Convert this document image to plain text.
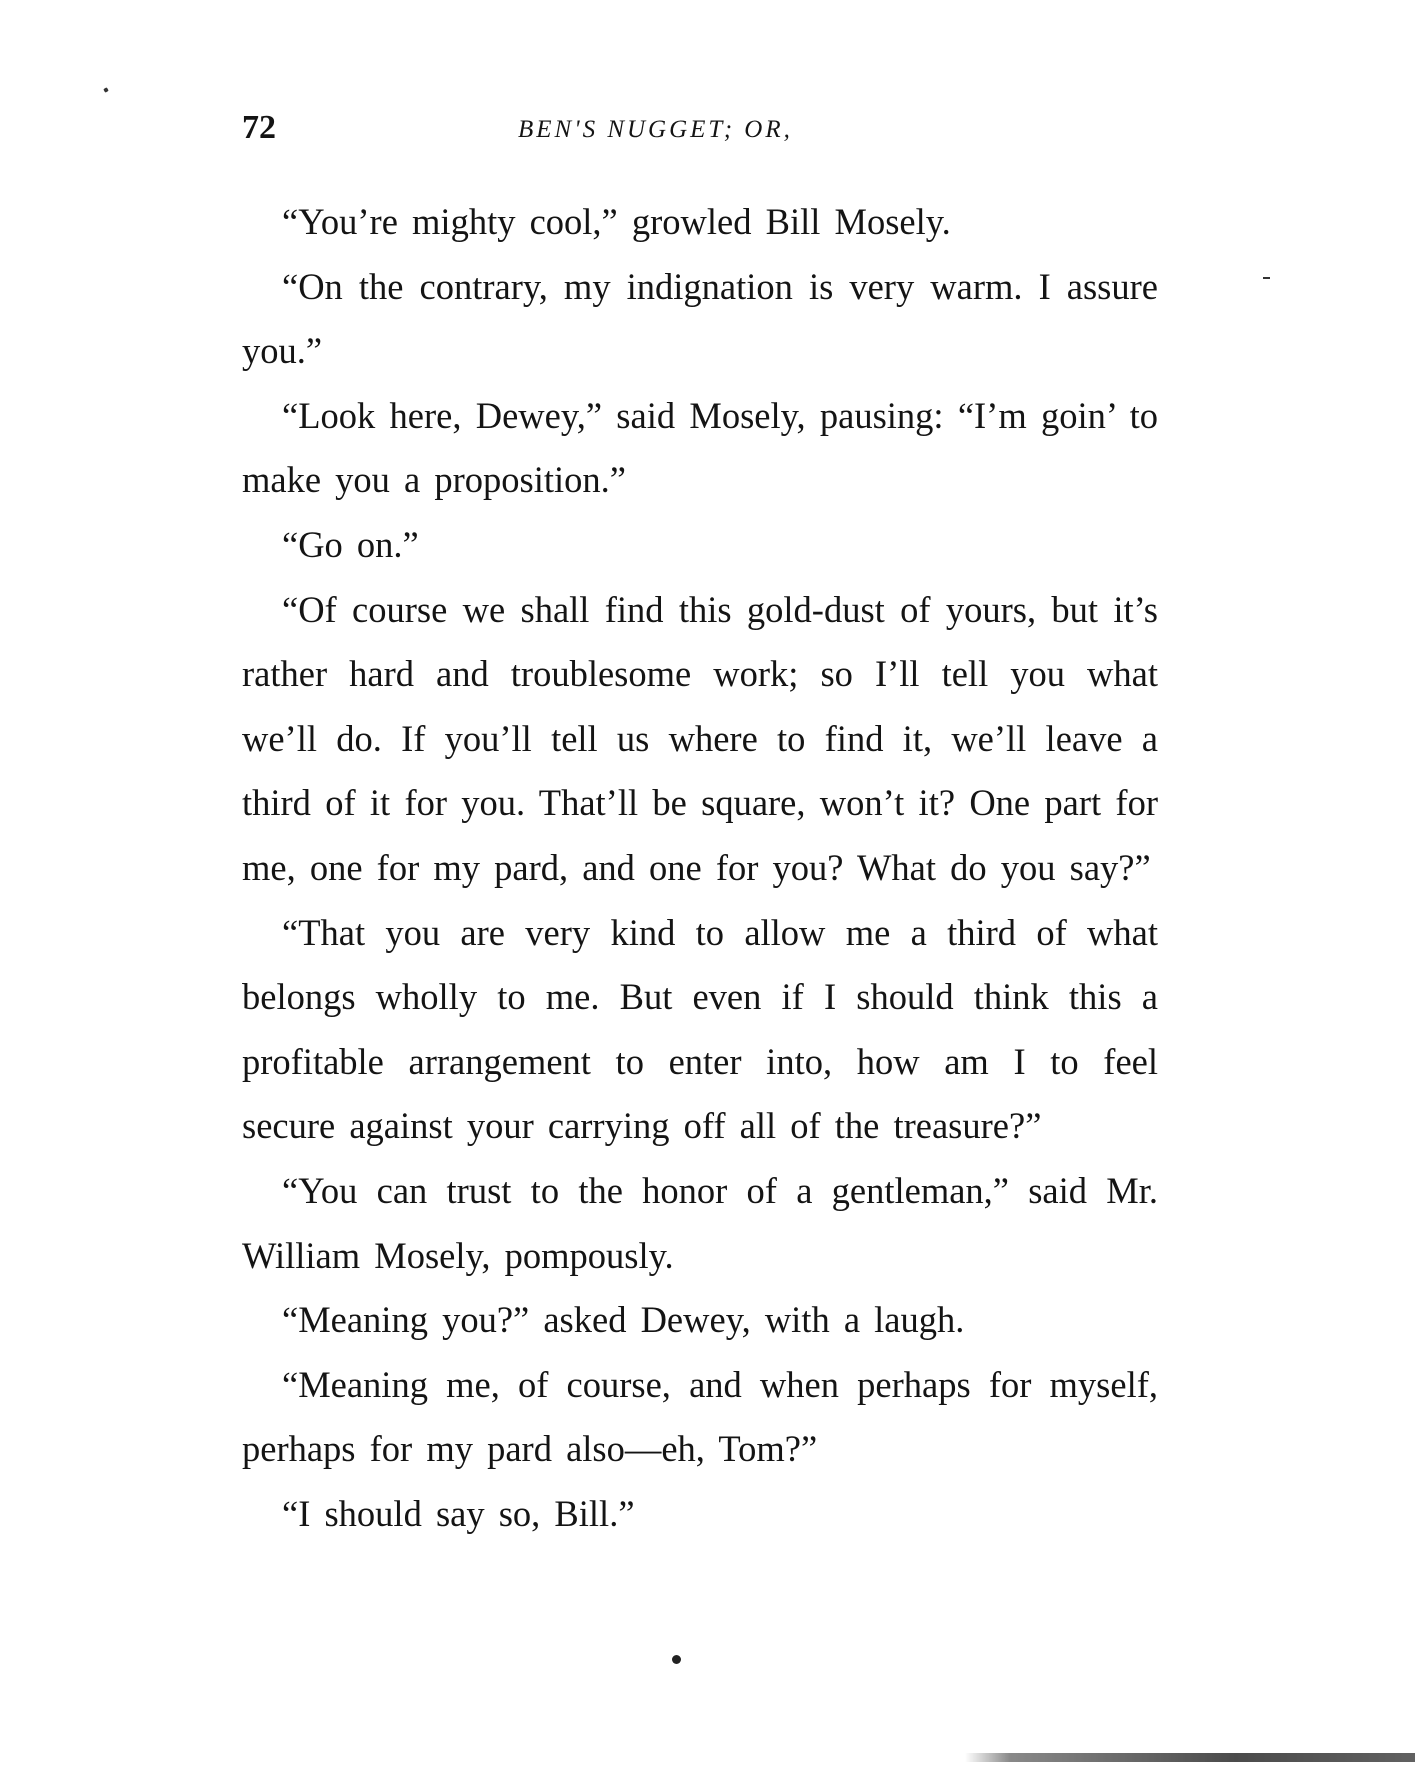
72	BEN'S NUGGET; OR,

“You’re mighty cool,” growled Bill Mosely.

“On the contrary, my indignation is very warm. I assure you.”

“Look here, Dewey,” said Mosely, pausing: “I’m goin’ to make you a proposition.”

“Go on.”

“Of course we shall find this gold-dust of yours, but it’s rather hard and troublesome work; so I’ll tell you what we’ll do. If you’ll tell us where to find it, we’ll leave a third of it for you. That’ll be square, won’t it? One part for me, one for my pard, and one for you? What do you say?”

“That you are very kind to allow me a third of what belongs wholly to me. But even if I should think this a profitable arrangement to enter into, how am I to feel secure against your carrying off all of the treasure?”

“You can trust to the honor of a gentleman,” said Mr. William Mosely, pompously.

“Meaning you?” asked Dewey, with a laugh.

“Meaning me, of course, and when perhaps for myself, perhaps for my pard also—eh, Tom?”

“I should say so, Bill.”
